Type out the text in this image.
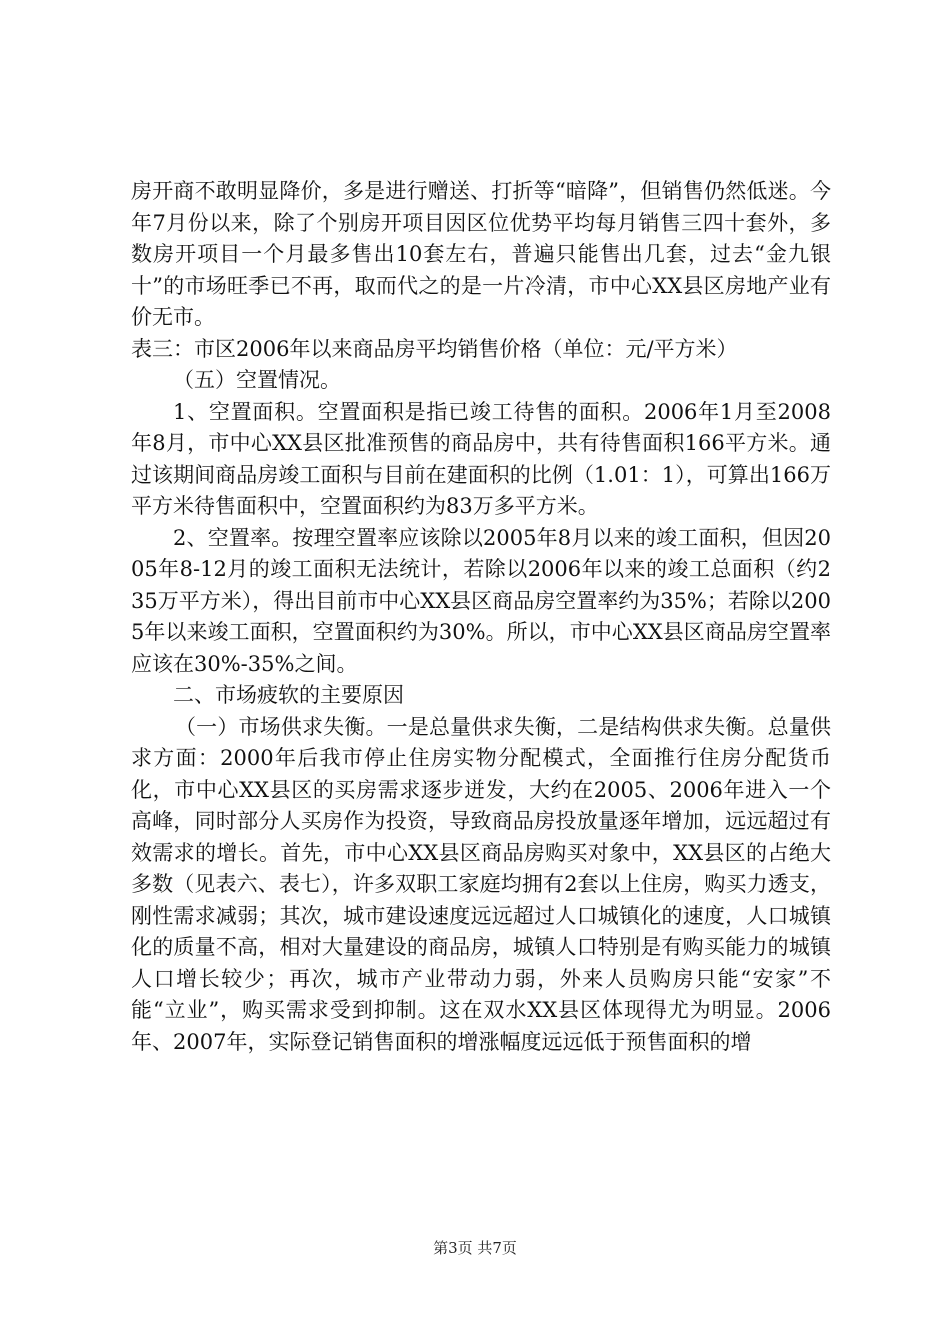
房开商不敢明显降价，多是进行赠送、打折等“暗降”，但销售仍然低迷。今年7月份以来，除了个别房开项目因区位优势平均每月销售三四十套外，多数房开项目一个月最多售出10套左右，普遍只能售出几套，过去“金九银十”的市场旺季已不再，取而代之的是一片冷清，市中心XX县区房地产业有价无市。

表三：市区2006年以来商品房平均销售价格（单位：元/平方米）

（五）空置情况。

1、空置面积。空置面积是指已竣工待售的面积。2006年1月至2008年8月，市中心XX县区批准预售的商品房中，共有待售面积166平方米。通过该期间商品房竣工面积与目前在建面积的比例（1.01：1），可算出166万平方米待售面积中，空置面积约为83万多平方米。

2、空置率。按理空置率应该除以2005年8月以来的竣工面积，但因2005年8-12月的竣工面积无法统计，若除以2006年以来的竣工总面积（约235万平方米），得出目前市中心XX县区商品房空置率约为35%；若除以2005年以来竣工面积，空置面积约为30%。所以，市中心XX县区商品房空置率应该在30%-35%之间。

二、市场疲软的主要原因

（一）市场供求失衡。一是总量供求失衡，二是结构供求失衡。总量供求方面：2000年后我市停止住房实物分配模式，全面推行住房分配货币化，市中心XX县区的买房需求逐步迸发，大约在2005、2006年进入一个高峰，同时部分人买房作为投资，导致商品房投放量逐年增加，远远超过有效需求的增长。首先，市中心XX县区商品房购买对象中，XX县区的占绝大多数（见表六、表七），许多双职工家庭均拥有2套以上住房，购买力透支，刚性需求减弱；其次，城市建设速度远远超过人口城镇化的速度，人口城镇化的质量不高，相对大量建设的商品房，城镇人口特别是有购买能力的城镇人口增长较少；再次，城市产业带动力弱，外来人员购房只能“安家”不能“立业”，购买需求受到抑制。这在双水XX县区体现得尤为明显。2006年、2007年，实际登记销售面积的增涨幅度远远低于预售面积的增

第3页 共7页
